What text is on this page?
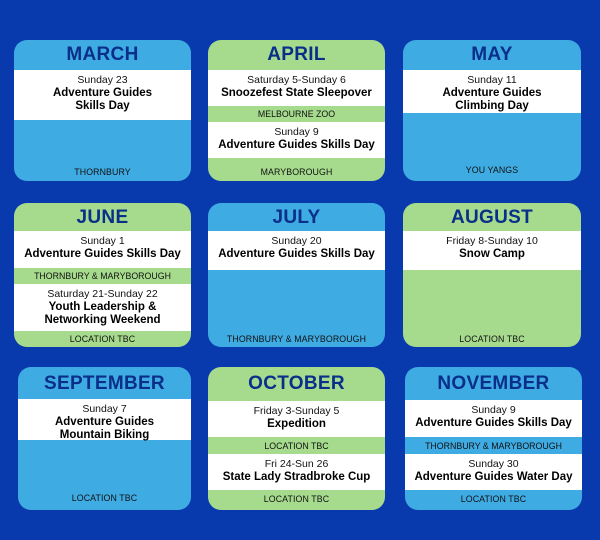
MARCH
Sunday 23
Adventure Guides
Skills Day
THORNBURY
APRIL
Saturday 5-Sunday 6
Snoozefest State Sleepover
MELBOURNE ZOO
Sunday 9
Adventure Guides Skills Day
MARYBOROUGH
MAY
Sunday 11
Adventure Guides
Climbing Day
YOU YANGS
JUNE
Sunday 1
Adventure Guides Skills Day
THORNBURY & MARYBOROUGH
Saturday 21-Sunday 22
Youth Leadership &
Networking Weekend
LOCATION TBC
JULY
Sunday 20
Adventure Guides Skills Day
THORNBURY & MARYBOROUGH
AUGUST
Friday 8-Sunday 10
Snow Camp
LOCATION TBC
SEPTEMBER
Sunday 7
Adventure Guides
Mountain Biking
LOCATION TBC
OCTOBER
Friday 3-Sunday 5
Expedition
LOCATION TBC
Fri 24-Sun 26
State Lady Stradbroke Cup
LOCATION TBC
NOVEMBER
Sunday 9
Adventure Guides Skills Day
THORNBURY & MARYBOROUGH
Sunday 30
Adventure Guides Water Day
LOCATION TBC
